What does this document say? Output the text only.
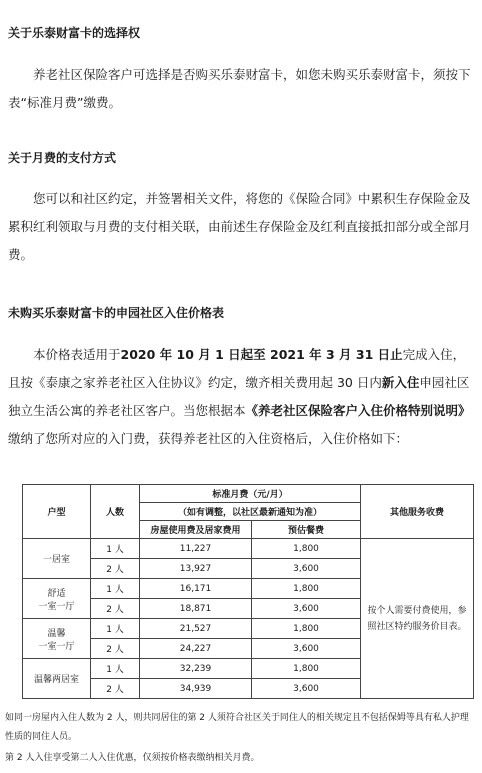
关于乐泰财富卡的选择权

养老社区保险客户可选择是否购买乐泰财富卡，如您未购买乐泰财富卡，须按下表“标准月费”缴费。

关于月费的支付方式

您可以和社区约定，并签署相关文件，将您的《保险合同》中累积生存保险金及累积红利领取与月费的支付相关联，由前述生存保险金及红利直接抵扣部分或全部月费。

未购买乐泰财富卡的申园社区入住价格表

本价格表适用于2020 年 10 月 1 日起至 2021 年 3 月 31 日止完成入住，且按《泰康之家养老社区入住协议》约定，缴齐相关费用起 30 日内新入住申园社区独立生活公寓的养老社区客户。当您根据本《养老社区保险客户入住价格特别说明》缴纳了您所对应的入门费，获得养老社区的入住资格后，入住价格如下：

户型	人数	标准月费（元/月）		其他服务收费
		（如有调整，以社区最新通知为准）		
		房屋使用费及居家费用	预估餐费	
一居室	1 人	11,227	1,800	按个人需要付费使用，参照社区特约服务价目表。
	2 人	13,927	3,600	
舒适
一室一厅	1 人	16,171	1,800	
	2 人	18,871	3,600	
温馨
一室一厅	1 人	21,527	1,800	
	2 人	24,227	3,600	
温馨两居室	1 人	32,239	1,800	
	2 人	34,939	3,600	

如同一房屋内入住人数为 2 人，则共同居住的第 2 人须符合社区关于同住人的相关规定且不包括保姆等具有私人护理性质的同住人员。

第 2 人入住享受第二人入住优惠，仅须按价格表缴纳相关月费。
